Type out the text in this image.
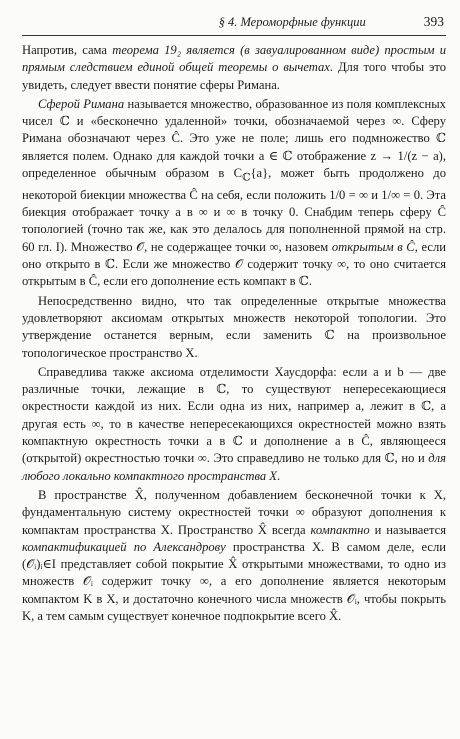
§ 4. Мероморфные функции	393

Напротив, сама теорема 19₂ является (в завуалированном виде) простым и прямым следствием единой общей теоремы о вычетах. Для того чтобы это увидеть, следует ввести понятие сферы Римана.

Сферой Римана называется множество, образованное из поля комплексных чисел ℂ и «бесконечно удаленной» точки, обозначаемой через ∞. Сферу Римана обозначают через Ĉ. Это уже не поле; лишь его подмножество ℂ является полем. Однако для каждой точки a ∈ ℂ отображение z → 1/(z − a), определенное обычным образом в $C_ℂ\{a\}$, может быть продолжено до некоторой биекции множества Ĉ на себя, если положить 1/0 = ∞ и 1/∞ = 0. Эта биекция отображает точку a в ∞ и ∞ в точку 0. Снабдим теперь сферу Ĉ топологией (точно так же, как это делалось для пополненной прямой на стр. 60 гл. I). Множество 𝒪, не содержащее точки ∞, назовем открытым в Ĉ, если оно открыто в ℂ. Если же множество 𝒪 содержит точку ∞, то оно считается открытым в Ĉ, если его дополнение есть компакт в ℂ.

Непосредственно видно, что так определенные открытые множества удовлетворяют аксиомам открытых множеств некоторой топологии. Это утверждение останется верным, если заменить ℂ на произвольное топологическое пространство X.

Справедлива также аксиома отделимости Хаусдорфа: если a и b — две различные точки, лежащие в ℂ, то существуют непересекающиеся окрестности каждой из них. Если одна из них, например a, лежит в ℂ, а другая есть ∞, то в качестве непересекающихся окрестностей можно взять компактную окрестность точки a в ℂ и дополнение a в Ĉ, являющееся (открытой) окрестностью точки ∞. Это справедливо не только для ℂ, но и для любого локально компактного пространства X.

В пространстве X̂, полученном добавлением бесконечной точки к X, фундаментальную систему окрестностей точки ∞ образуют дополнения к компактам пространства X. Пространство X̂ всегда компактно и называется компактификацией по Александрову пространства X. В самом деле, если (𝒪ᵢ)ᵢ∈I представляет собой покрытие X̂ открытыми множествами, то одно из множеств 𝒪ᵢ содержит точку ∞, а его дополнение является некоторым компактом K в X, и достаточно конечного числа множеств 𝒪ᵢ, чтобы покрыть K, а тем самым существует конечное подпокрытие всего X̂.
